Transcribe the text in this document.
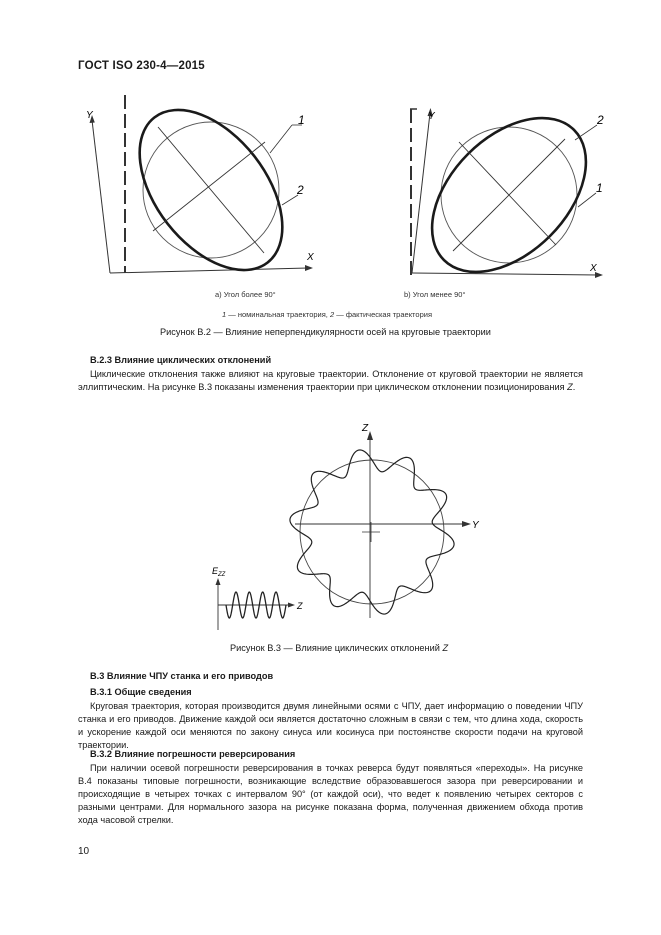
ГОСТ ISO 230-4—2015
Y
X
1
2
Y
X
2
1
a) Угол более 90°	b) Угол менее 90°
1 — номинальная траектория, 2 — фактическая траектория
Рисунок В.2 — Влияние неперпендикулярности осей на круговые траектории
В.2.3 Влияние циклических отклонений

Циклические отклонения также влияют на круговые траектории. Отклонение от круговой траектории не является эллиптическим. На рисунке В.3 показаны изменения траектории при циклическом отклонении позиционирования Z.

Z
Y
$E_{ZZ}$
Z
Рисунок В.3 — Влияние циклических отклонений Z
В.3 Влияние ЧПУ станка и его приводов
В.3.1 Общие сведения

Круговая траектория, которая производится двумя линейными осями с ЧПУ, дает информацию о поведении ЧПУ станка и его приводов. Движение каждой оси является достаточно сложным в связи с тем, что длина хода, скорость и ускорение каждой оси меняются по закону синуса или косинуса при постоянстве скорости подачи на круговой траектории.

В.3.2 Влияние погрешности реверсирования

При наличии осевой погрешности реверсирования в точках реверса будут появляться «переходы». На рисунке В.4 показаны типовые погрешности, возникающие вследствие образовавшегося зазора при реверсировании и происходящие в четырех точках с интервалом 90° (от каждой оси), что ведет к появлению четырех секторов с разными центрами. Для нормального зазора на рисунке показана форма, полученная движением обхода против хода часовой стрелки.

10
